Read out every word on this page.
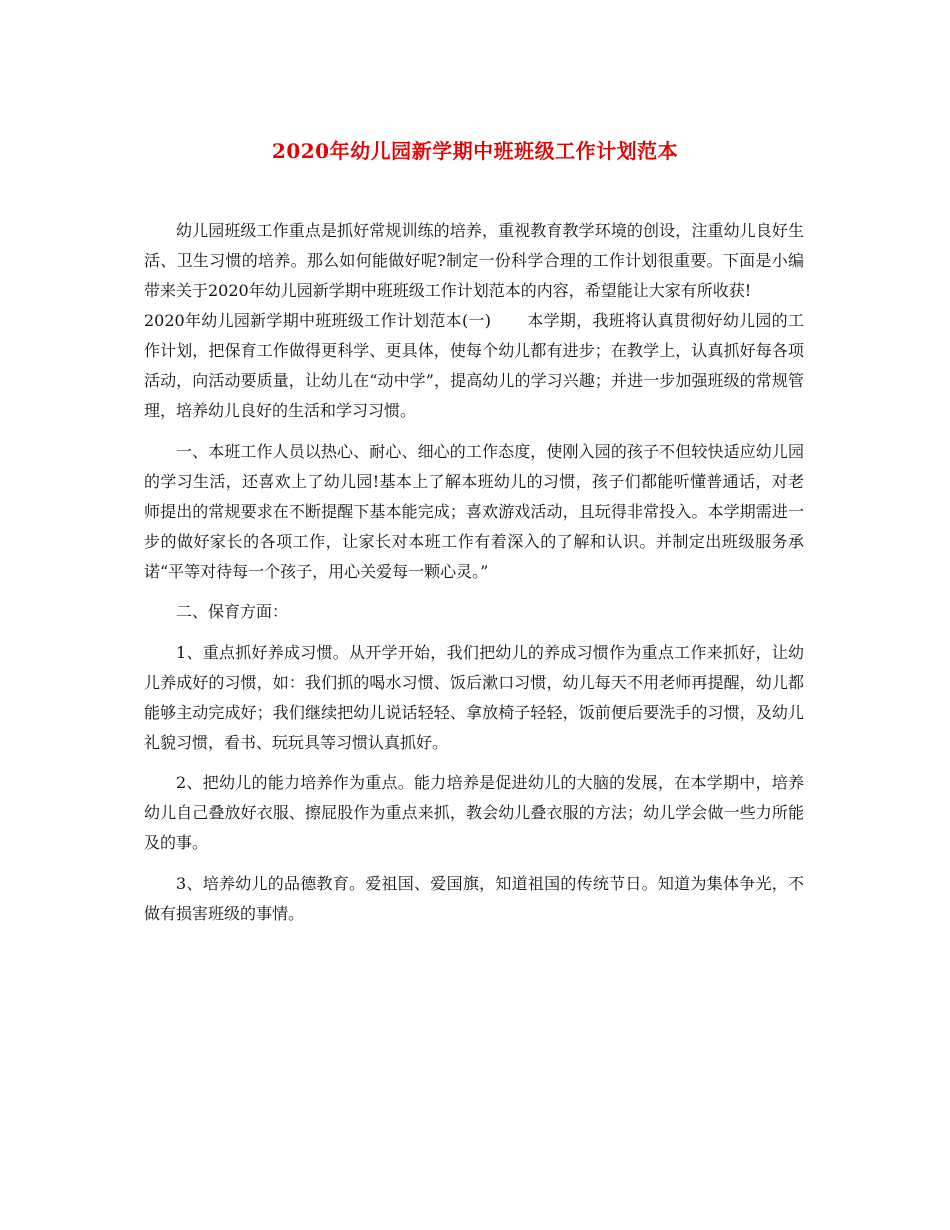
2020年幼儿园新学期中班班级工作计划范本

幼儿园班级工作重点是抓好常规训练的培养，重视教育教学环境的创设，注重幼儿良好生活、卫生习惯的培养。那么如何能做好呢?制定一份科学合理的工作计划很重要。下面是小编带来关于2020年幼儿园新学期中班班级工作计划范本的内容，希望能让大家有所收获!

2020年幼儿园新学期中班班级工作计划范本(一) 本学期，我班将认真贯彻好幼儿园的工作计划，把保育工作做得更科学、更具体，使每个幼儿都有进步；在教学上，认真抓好每各项活动，向活动要质量，让幼儿在“动中学”，提高幼儿的学习兴趣；并进一步加强班级的常规管理，培养幼儿良好的生活和学习习惯。

一、本班工作人员以热心、耐心、细心的工作态度，使刚入园的孩子不但较快适应幼儿园的学习生活，还喜欢上了幼儿园!基本上了解本班幼儿的习惯，孩子们都能听懂普通话，对老师提出的常规要求在不断提醒下基本能完成；喜欢游戏活动，且玩得非常投入。本学期需进一步的做好家长的各项工作，让家长对本班工作有着深入的了解和认识。并制定出班级服务承诺“平等对待每一个孩子，用心关爱每一颗心灵。”

二、保育方面：

1、重点抓好养成习惯。从开学开始，我们把幼儿的养成习惯作为重点工作来抓好，让幼儿养成好的习惯，如：我们抓的喝水习惯、饭后漱口习惯，幼儿每天不用老师再提醒，幼儿都能够主动完成好；我们继续把幼儿说话轻轻、拿放椅子轻轻，饭前便后要洗手的习惯，及幼儿礼貌习惯，看书、玩玩具等习惯认真抓好。

2、把幼儿的能力培养作为重点。能力培养是促进幼儿的大脑的发展，在本学期中，培养幼儿自己叠放好衣服、擦屁股作为重点来抓，教会幼儿叠衣服的方法；幼儿学会做一些力所能及的事。

3、培养幼儿的品德教育。爱祖国、爱国旗，知道祖国的传统节日。知道为集体争光，不做有损害班级的事情。
